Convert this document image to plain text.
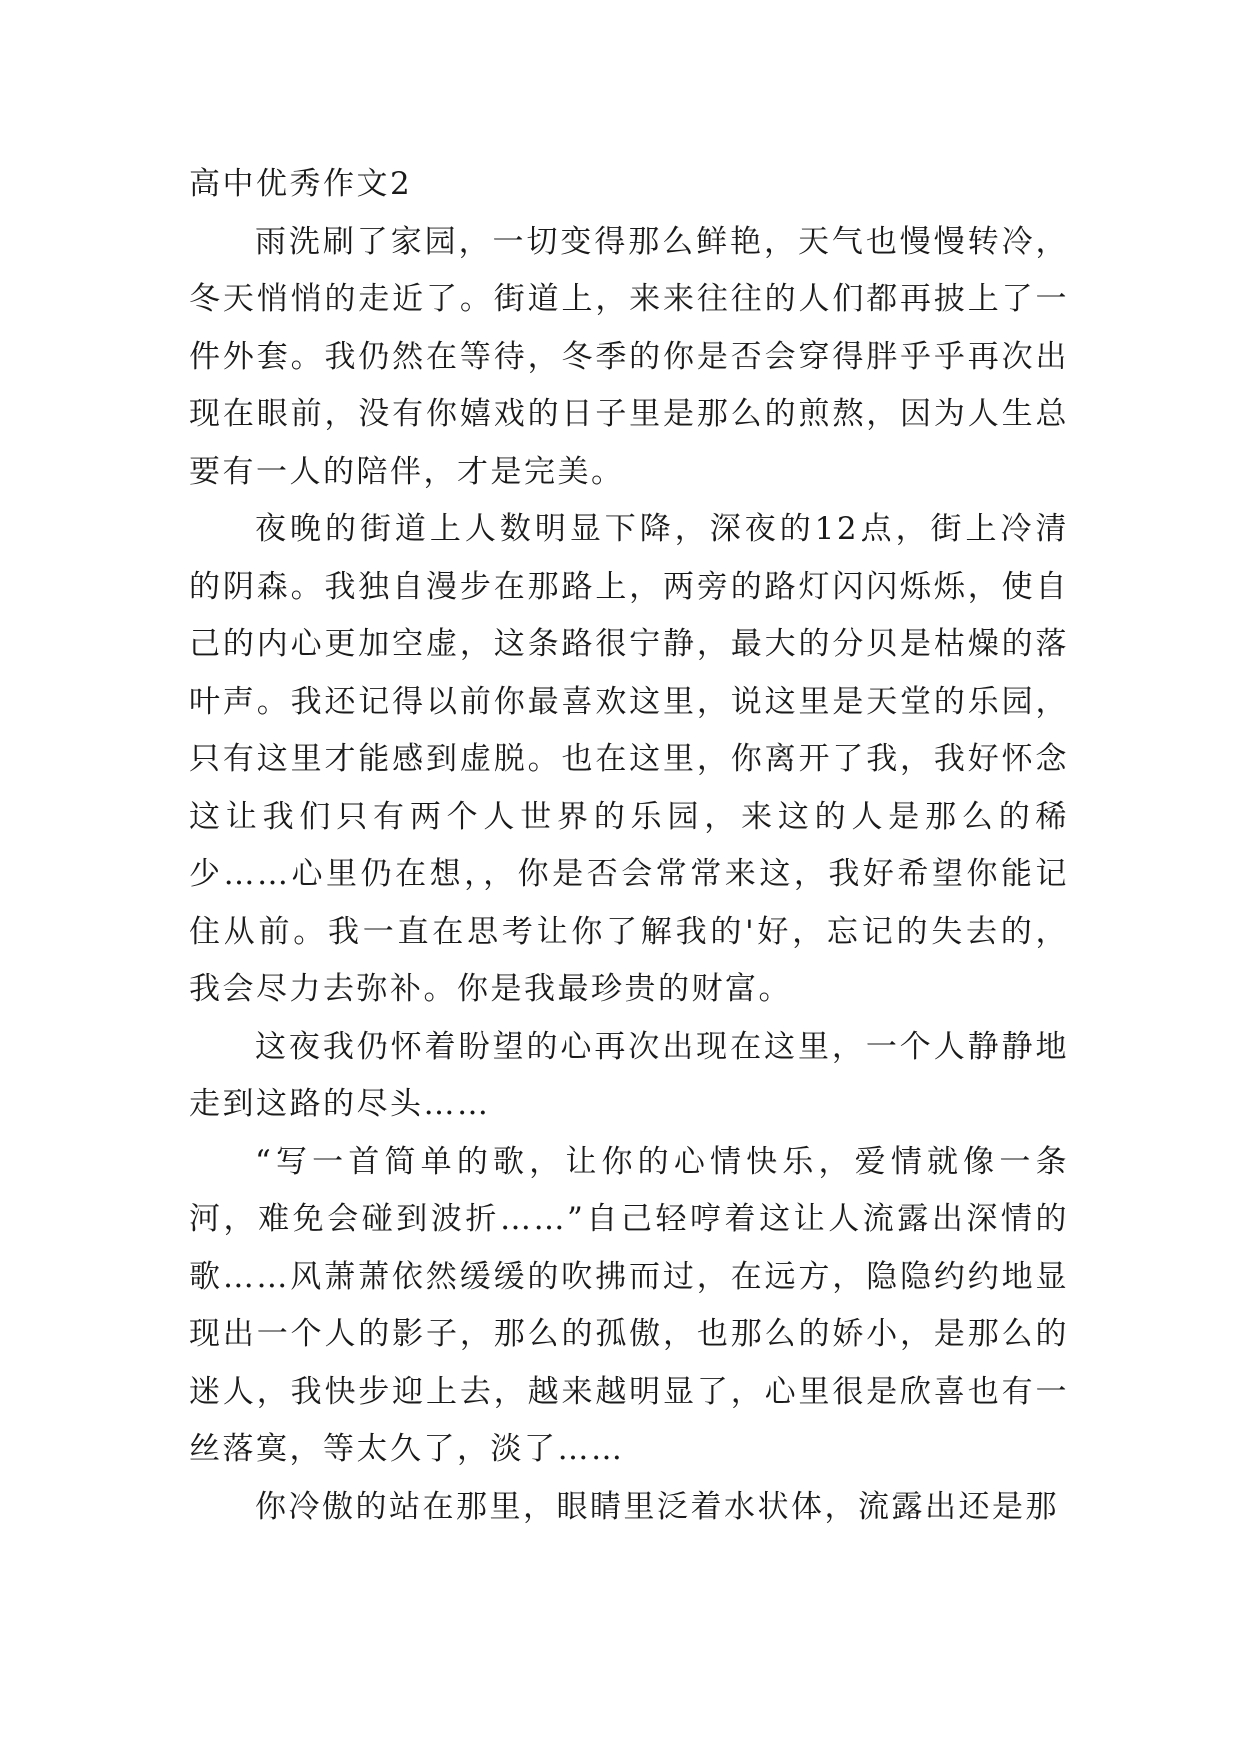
高中优秀作文2

雨洗刷了家园，一切变得那么鲜艳，天气也慢慢转冷，冬天悄悄的走近了。街道上，来来往往的人们都再披上了一件外套。我仍然在等待，冬季的你是否会穿得胖乎乎再次出现在眼前，没有你嬉戏的日子里是那么的煎熬，因为人生总要有一人的陪伴，才是完美。

夜晚的街道上人数明显下降，深夜的12点，街上冷清的阴森。我独自漫步在那路上，两旁的路灯闪闪烁烁，使自己的内心更加空虚，这条路很宁静，最大的分贝是枯燥的落叶声。我还记得以前你最喜欢这里，说这里是天堂的乐园，只有这里才能感到虚脱。也在这里，你离开了我，我好怀念这让我们只有两个人世界的乐园，来这的人是那么的稀少……心里仍在想，，你是否会常常来这，我好希望你能记住从前。我一直在思考让你了解我的'好，忘记的失去的，我会尽力去弥补。你是我最珍贵的财富。

这夜我仍怀着盼望的心再次出现在这里，一个人静静地走到这路的尽头……

“写一首简单的歌，让你的心情快乐，爱情就像一条河，难免会碰到波折……”自己轻哼着这让人流露出深情的歌……风萧萧依然缓缓的吹拂而过，在远方，隐隐约约地显现出一个人的影子，那么的孤傲，也那么的娇小，是那么的迷人，我快步迎上去，越来越明显了，心里很是欣喜也有一丝落寞，等太久了，淡了……

你冷傲的站在那里，眼睛里泛着水状体，流露出还是那
